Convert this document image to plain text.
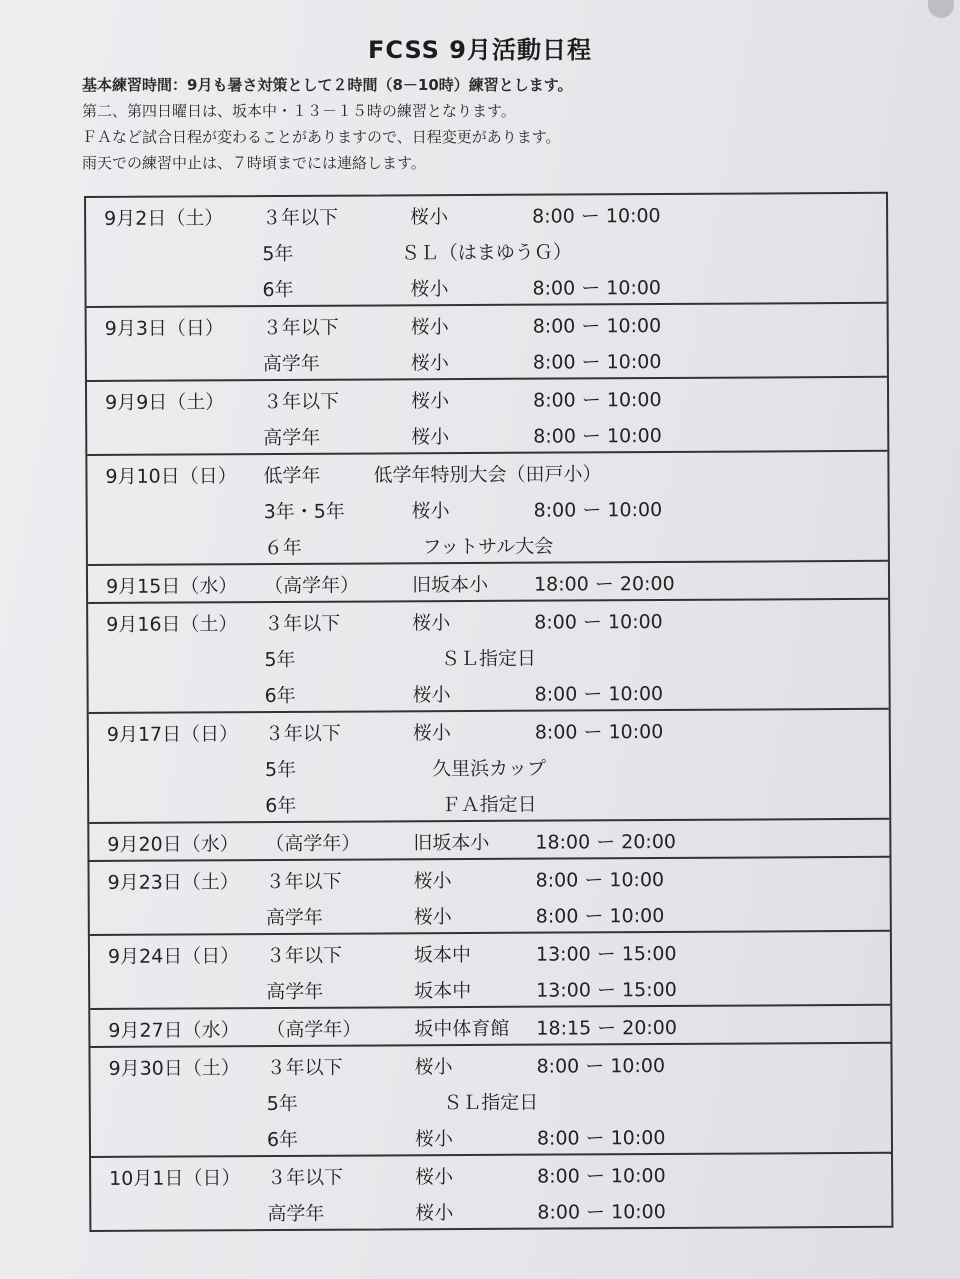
FCSS 9月活動日程
基本練習時間：9月も暑さ対策として２時間（8－10時）練習とします。
第二、第四日曜日は、坂本中・１３－１５時の練習となります。
ＦＡなど試合日程が変わることがありますので、日程変更があります。
雨天での練習中止は、７時頃までには連絡します。
9月2日（土） ３年以下	桜小	8:00 ー 10:00
5年	ＳＬ（はまゆうＧ）
6年	桜小	8:00 ー 10:00
9月3日（日） ３年以下	桜小	8:00 ー 10:00
高学年	桜小	8:00 ー 10:00
9月9日（土） ３年以下	桜小	8:00 ー 10:00
高学年	桜小	8:00 ー 10:00
9月10日（日） 低学年	低学年特別大会（田戸小）
3年・5年	桜小	8:00 ー 10:00
６年	フットサル大会
9月15日（水） （高学年）	旧坂本小 18:00 ー 20:00
9月16日（土） ３年以下	桜小	8:00 ー 10:00
5年	ＳＬ指定日
6年	桜小	8:00 ー 10:00
9月17日（日） ３年以下	桜小	8:00 ー 10:00
5年	久里浜カップ
6年	ＦＡ指定日
9月20日（水） （高学年）	旧坂本小 18:00 ー 20:00
9月23日（土） ３年以下	桜小	8:00 ー 10:00
高学年	桜小	8:00 ー 10:00
9月24日（日） ３年以下	坂本中	13:00 ー 15:00
高学年	坂本中	13:00 ー 15:00
9月27日（水） （高学年）	坂中体育館 18:15 ー 20:00
9月30日（土） ３年以下	桜小	8:00 ー 10:00
5年	ＳＬ指定日
6年	桜小	8:00 ー 10:00
10月1日（日） ３年以下	桜小	8:00 ー 10:00
高学年	桜小	8:00 ー 10:00
